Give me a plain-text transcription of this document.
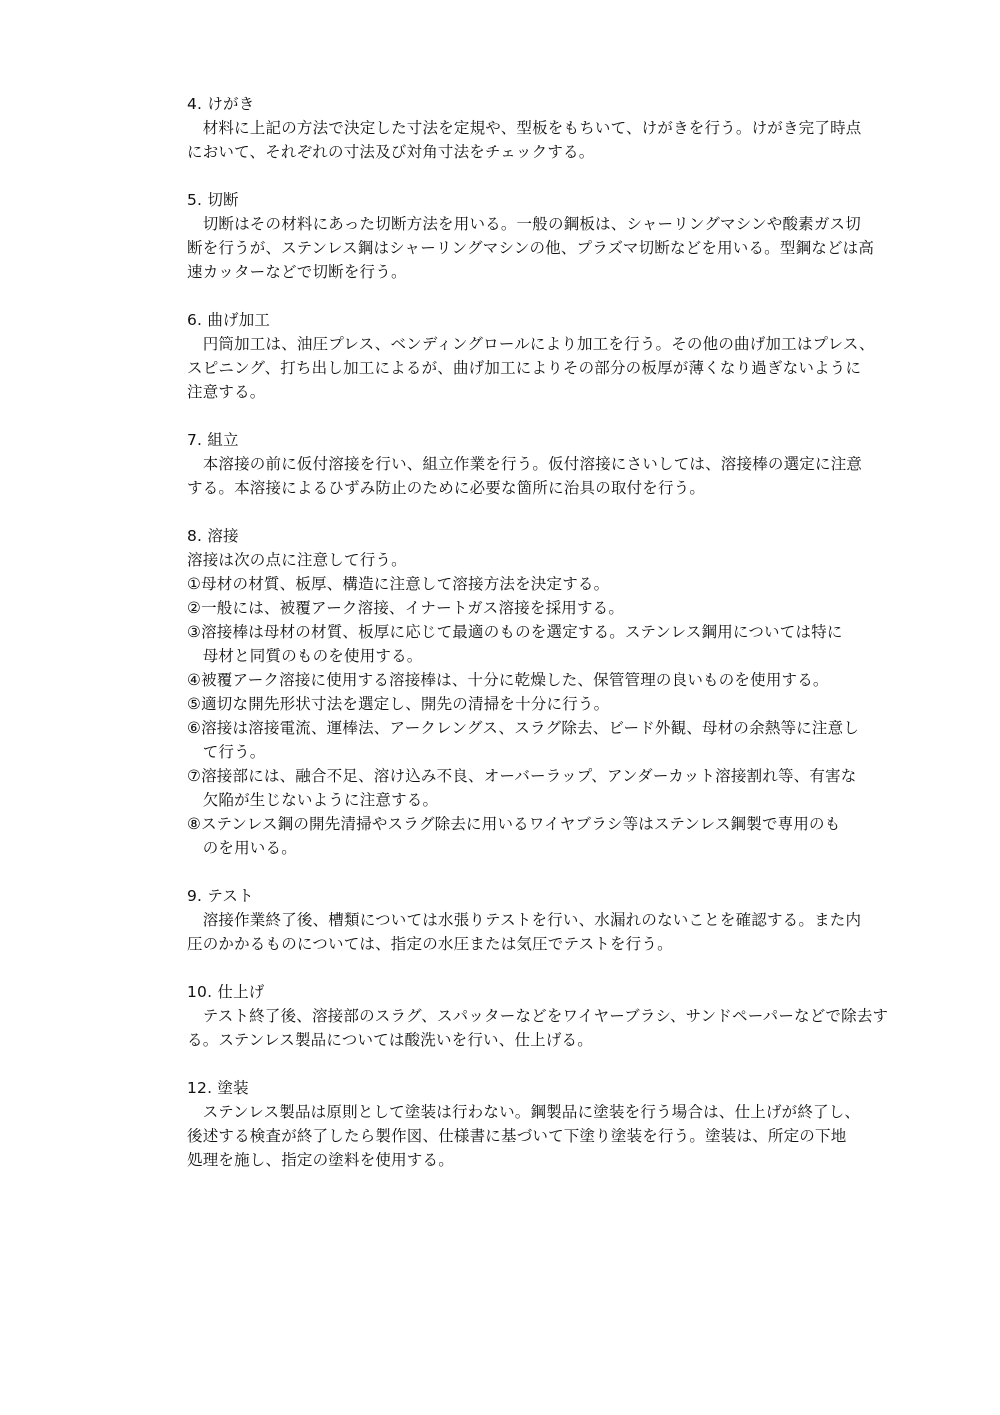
4. けがき
　材料に上記の方法で決定した寸法を定規や、型板をもちいて、けがきを行う。けがき完了時点
において、それぞれの寸法及び対角寸法をチェックする。
5. 切断
　切断はその材料にあった切断方法を用いる。一般の鋼板は、シャーリングマシンや酸素ガス切
断を行うが、ステンレス鋼はシャーリングマシンの他、プラズマ切断などを用いる。型鋼などは高
速カッターなどで切断を行う。
6. 曲げ加工
　円筒加工は、油圧プレス、ベンディングロールにより加工を行う。その他の曲げ加工はプレス、
スピニング、打ち出し加工によるが、曲げ加工によりその部分の板厚が薄くなり過ぎないように
注意する。
7. 組立
　本溶接の前に仮付溶接を行い、組立作業を行う。仮付溶接にさいしては、溶接棒の選定に注意
する。本溶接によるひずみ防止のために必要な箇所に治具の取付を行う。
8. 溶接
溶接は次の点に注意して行う。
①母材の材質、板厚、構造に注意して溶接方法を決定する。
②一般には、被覆アーク溶接、イナートガス溶接を採用する。
③溶接棒は母材の材質、板厚に応じて最適のものを選定する。ステンレス鋼用については特に
　母材と同質のものを使用する。
④被覆アーク溶接に使用する溶接棒は、十分に乾燥した、保管管理の良いものを使用する。
⑤適切な開先形状寸法を選定し、開先の清掃を十分に行う。
⑥溶接は溶接電流、運棒法、アークレングス、スラグ除去、ビード外観、母材の余熱等に注意し
　て行う。
⑦溶接部には、融合不足、溶け込み不良、オーバーラップ、アンダーカット溶接割れ等、有害な
　欠陥が生じないように注意する。
⑧ステンレス鋼の開先清掃やスラグ除去に用いるワイヤブラシ等はステンレス鋼製で専用のも
　のを用いる。
9. テスト
　溶接作業終了後、槽類については水張りテストを行い、水漏れのないことを確認する。また内
圧のかかるものについては、指定の水圧または気圧でテストを行う。
10. 仕上げ
　テスト終了後、溶接部のスラグ、スパッターなどをワイヤーブラシ、サンドペーパーなどで除去す
る。ステンレス製品については酸洗いを行い、仕上げる。
12. 塗装
　ステンレス製品は原則として塗装は行わない。鋼製品に塗装を行う場合は、仕上げが終了し、
後述する検査が終了したら製作図、仕様書に基づいて下塗り塗装を行う。塗装は、所定の下地
処理を施し、指定の塗料を使用する。
